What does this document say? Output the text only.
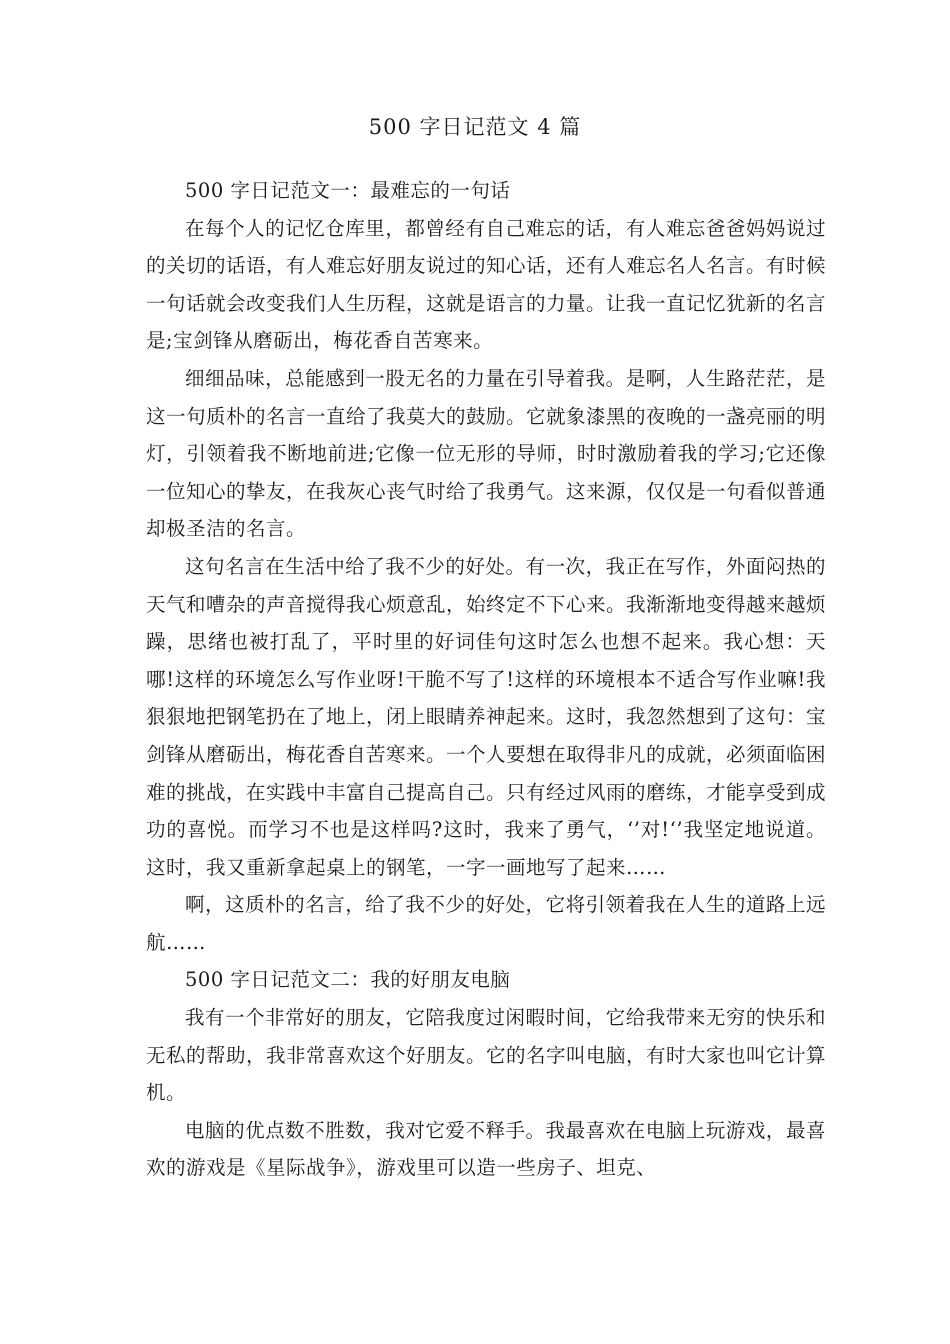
500 字日记范文 4 篇

500 字日记范文一：最难忘的一句话

在每个人的记忆仓库里，都曾经有自己难忘的话，有人难忘爸爸妈妈说过的关切的话语，有人难忘好朋友说过的知心话，还有人难忘名人名言。有时候一句话就会改变我们人生历程，这就是语言的力量。让我一直记忆犹新的名言是;宝剑锋从磨砺出，梅花香自苦寒来。

细细品味，总能感到一股无名的力量在引导着我。是啊，人生路茫茫，是这一句质朴的名言一直给了我莫大的鼓励。它就象漆黑的夜晚的一盏亮丽的明灯，引领着我不断地前进;它像一位无形的导师，时时激励着我的学习;它还像一位知心的挚友，在我灰心丧气时给了我勇气。这来源，仅仅是一句看似普通却极圣洁的名言。

这句名言在生活中给了我不少的好处。有一次，我正在写作，外面闷热的天气和嘈杂的声音搅得我心烦意乱，始终定不下心来。我渐渐地变得越来越烦躁，思绪也被打乱了，平时里的好词佳句这时怎么也想不起来。我心想：天哪!这样的环境怎么写作业呀!干脆不写了!这样的环境根本不适合写作业嘛!我狠狠地把钢笔扔在了地上，闭上眼睛养神起来。这时，我忽然想到了这句：宝剑锋从磨砺出，梅花香自苦寒来。一个人要想在取得非凡的成就，必须面临困难的挑战，在实践中丰富自己提高自己。只有经过风雨的磨练，才能享受到成功的喜悦。而学习不也是这样吗?这时，我来了勇气，‘’对!‘’我坚定地说道。这时，我又重新拿起桌上的钢笔，一字一画地写了起来……

啊，这质朴的名言，给了我不少的好处，它将引领着我在人生的道路上远航……

500 字日记范文二：我的好朋友电脑

我有一个非常好的朋友，它陪我度过闲暇时间，它给我带来无穷的快乐和无私的帮助，我非常喜欢这个好朋友。它的名字叫电脑，有时大家也叫它计算机。

电脑的优点数不胜数，我对它爱不释手。我最喜欢在电脑上玩游戏，最喜欢的游戏是《星际战争》，游戏里可以造一些房子、坦克、
